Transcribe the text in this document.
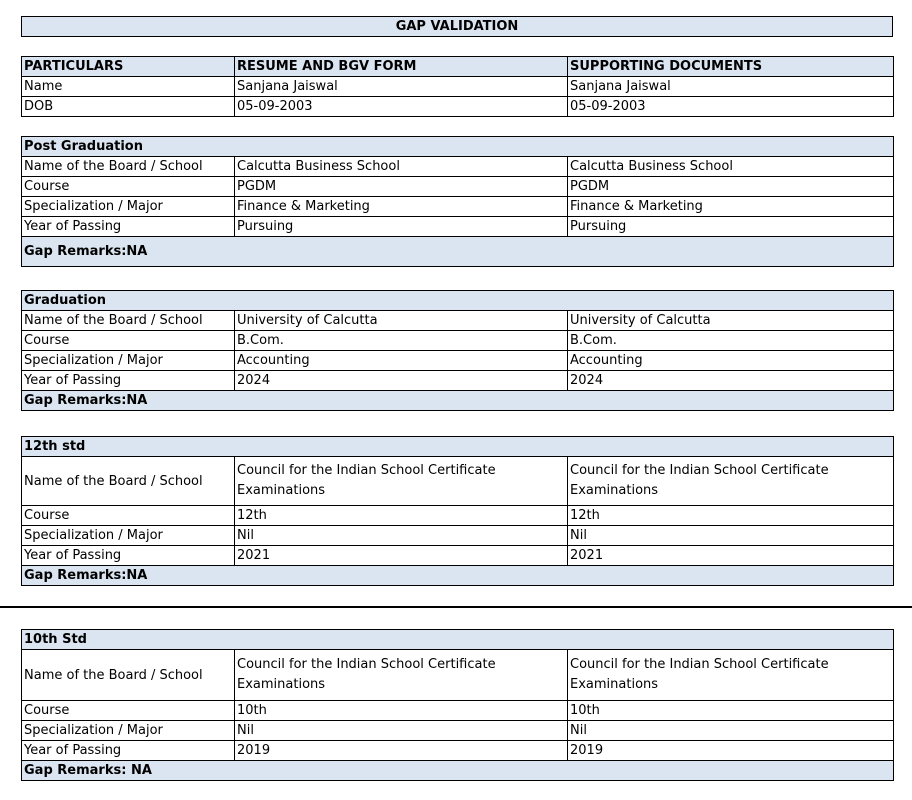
GAP VALIDATION
PARTICULARS	RESUME AND BGV FORM	SUPPORTING DOCUMENTS
Name	Sanjana Jaiswal	Sanjana Jaiswal
DOB	05-09-2003	05-09-2003
Post Graduation		
Name of the Board / School	Calcutta Business School	Calcutta Business School
Course	PGDM	PGDM
Specialization / Major	Finance & Marketing	Finance & Marketing
Year of Passing	Pursuing	Pursuing
Gap Remarks:NA		
Graduation		
Name of the Board / School	University of Calcutta	University of Calcutta
Course	B.Com.	B.Com.
Specialization / Major	Accounting	Accounting
Year of Passing	2024	2024
Gap Remarks:NA		
12th std		
Name of the Board / School	Council for the Indian School Certificate Examinations	Council for the Indian School Certificate Examinations
Course	12th	12th
Specialization / Major	Nil	Nil
Year of Passing	2021	2021
Gap Remarks:NA		
10th Std		
Name of the Board / School	Council for the Indian School Certificate Examinations	Council for the Indian School Certificate Examinations
Course	10th	10th
Specialization / Major	Nil	Nil
Year of Passing	2019	2019
Gap Remarks: NA		
